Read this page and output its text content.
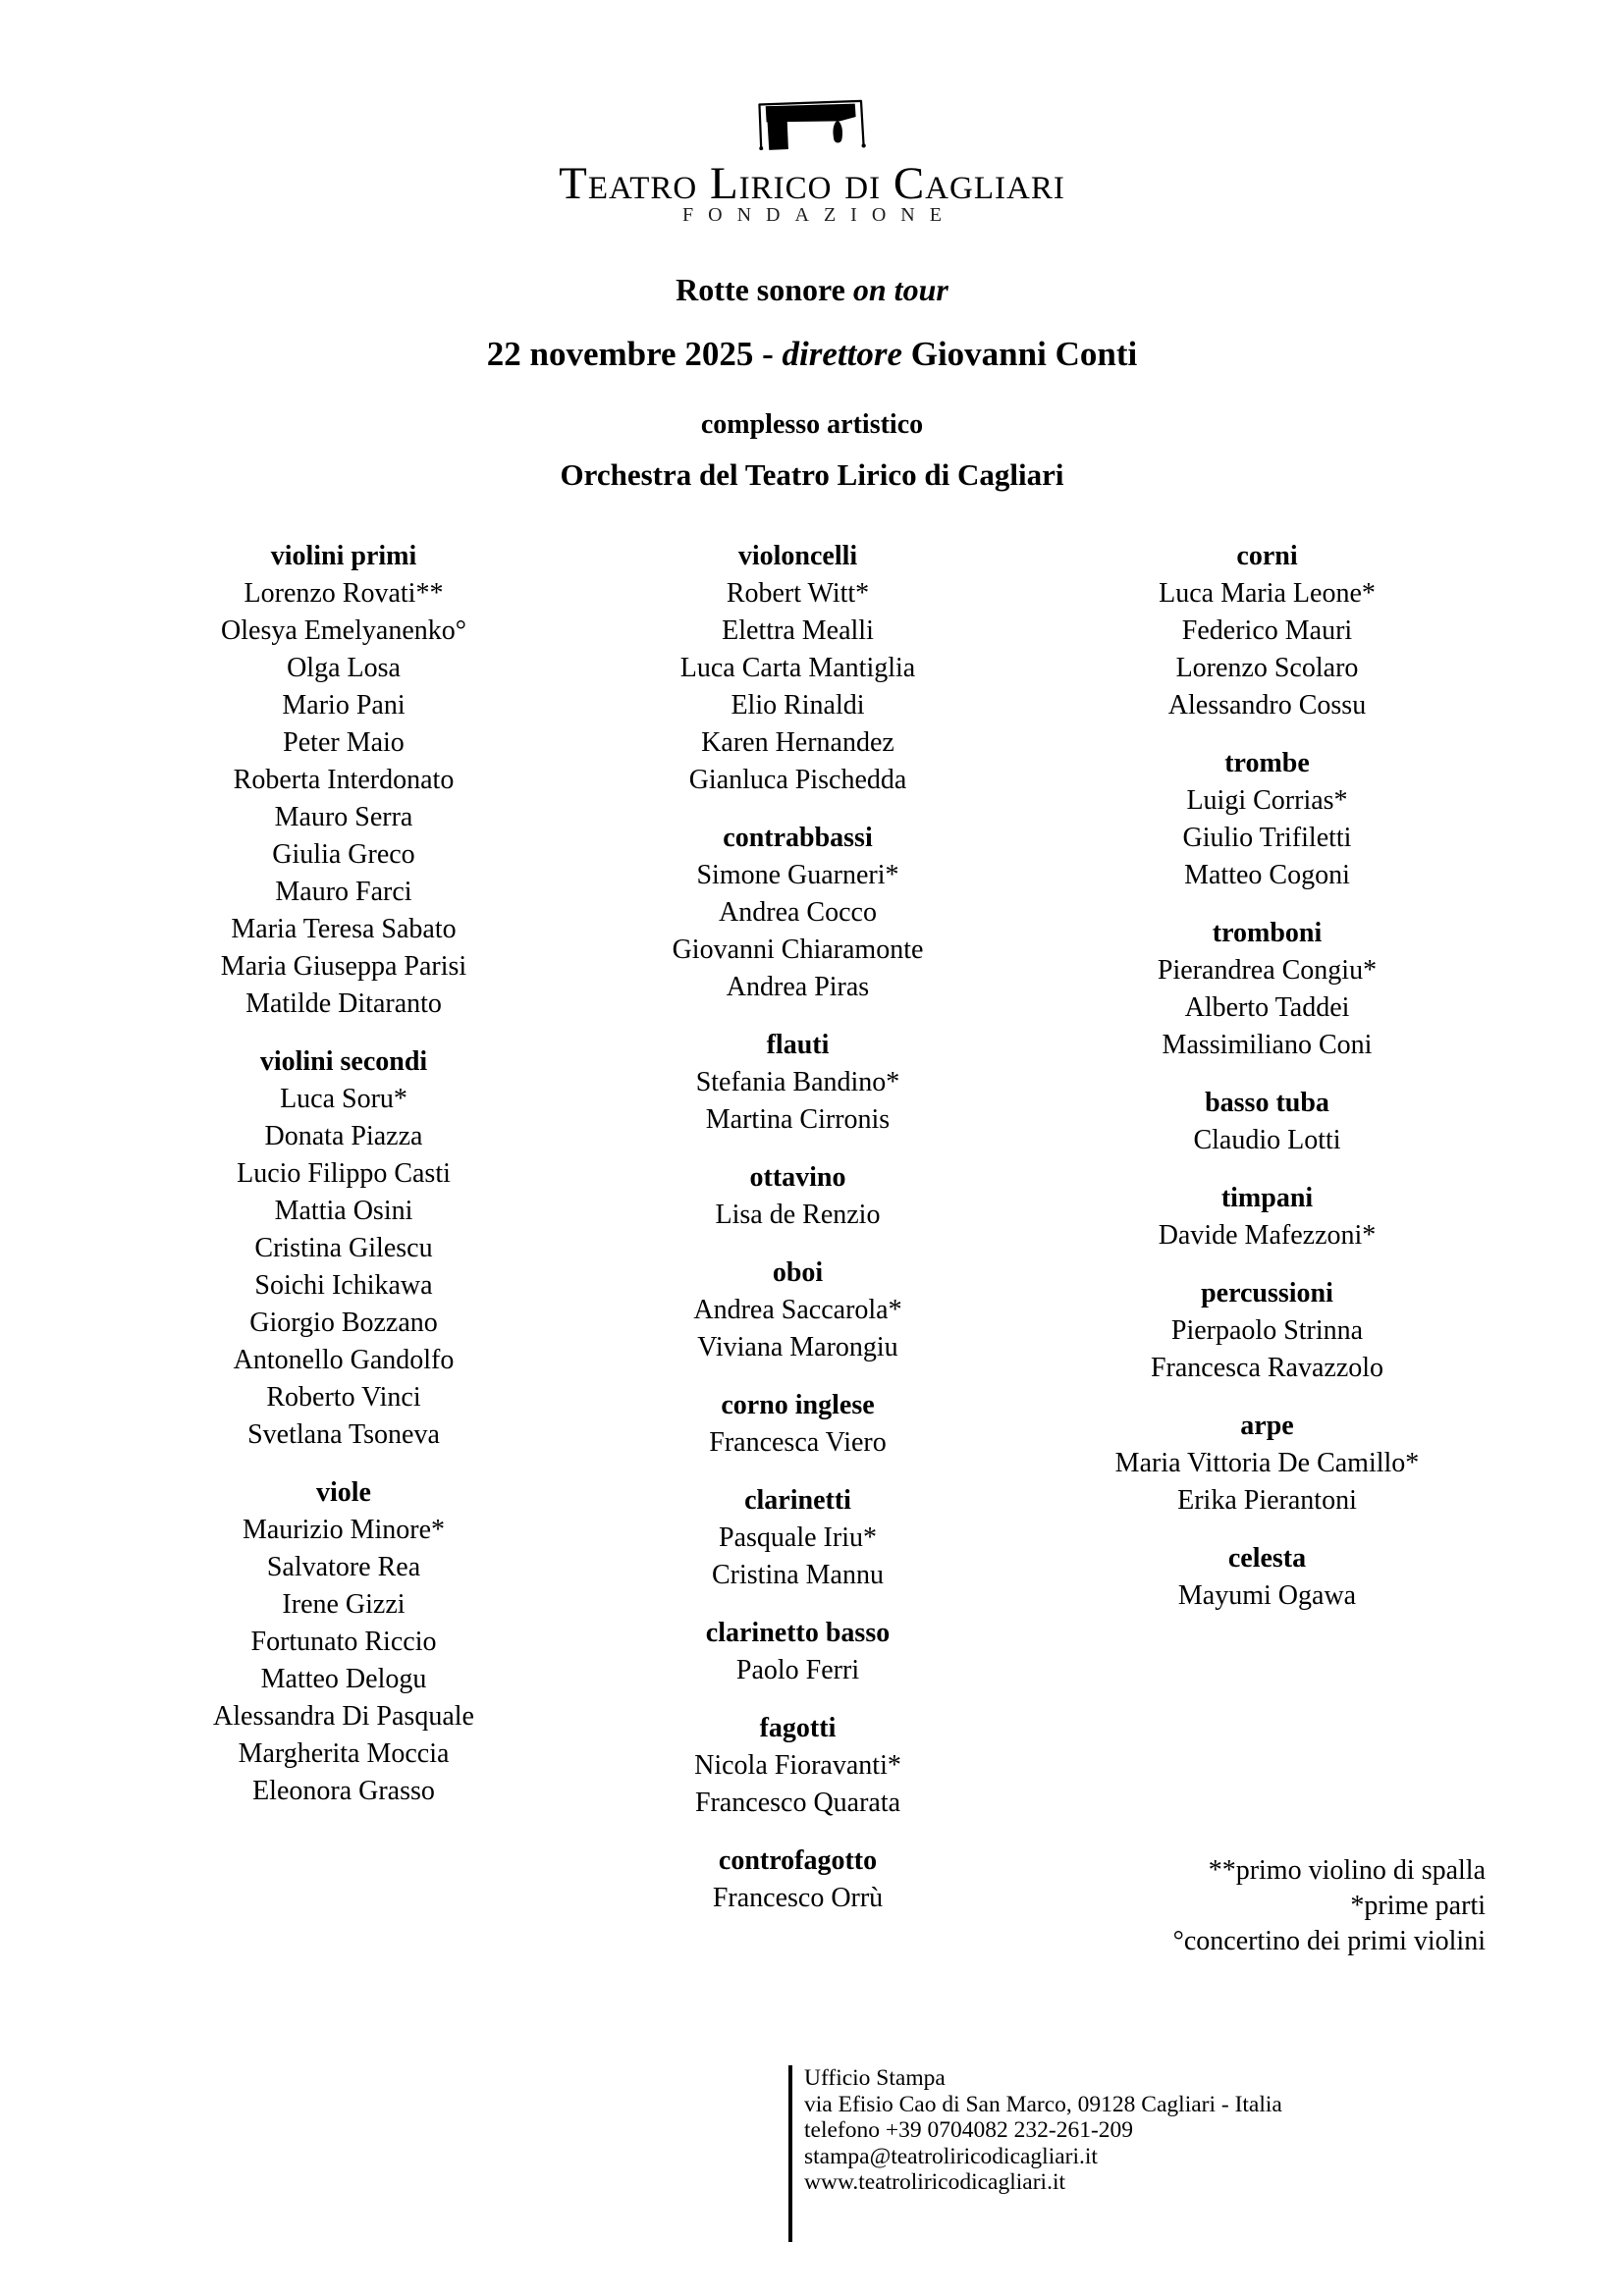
Teatro Lirico di Cagliari
FONDAZIONE
Rotte sonore on tour
22 novembre 2025 - direttore Giovanni Conti
complesso artistico
Orchestra del Teatro Lirico di Cagliari
violini primi
Lorenzo Rovati**
Olesya Emelyanenko°
Olga Losa
Mario Pani
Peter Maio
Roberta Interdonato
Mauro Serra
Giulia Greco
Mauro Farci
Maria Teresa Sabato
Maria Giuseppa Parisi
Matilde Ditaranto
violini secondi
Luca Soru*
Donata Piazza
Lucio Filippo Casti
Mattia Osini
Cristina Gilescu
Soichi Ichikawa
Giorgio Bozzano
Antonello Gandolfo
Roberto Vinci
Svetlana Tsoneva
viole
Maurizio Minore*
Salvatore Rea
Irene Gizzi
Fortunato Riccio
Matteo Delogu
Alessandra Di Pasquale
Margherita Moccia
Eleonora Grasso
violoncelli
Robert Witt*
Elettra Mealli
Luca Carta Mantiglia
Elio Rinaldi
Karen Hernandez
Gianluca Pischedda
contrabbassi
Simone Guarneri*
Andrea Cocco
Giovanni Chiaramonte
Andrea Piras
flauti
Stefania Bandino*
Martina Cirronis
ottavino
Lisa de Renzio
oboi
Andrea Saccarola*
Viviana Marongiu
corno inglese
Francesca Viero
clarinetti
Pasquale Iriu*
Cristina Mannu
clarinetto basso
Paolo Ferri
fagotti
Nicola Fioravanti*
Francesco Quarata
controfagotto
Francesco Orrù
corni
Luca Maria Leone*
Federico Mauri
Lorenzo Scolaro
Alessandro Cossu
trombe
Luigi Corrias*
Giulio Trifiletti
Matteo Cogoni
tromboni
Pierandrea Congiu*
Alberto Taddei
Massimiliano Coni
basso tuba
Claudio Lotti
timpani
Davide Mafezzoni*
percussioni
Pierpaolo Strinna
Francesca Ravazzolo
arpe
Maria Vittoria De Camillo*
Erika Pierantoni
celesta
Mayumi Ogawa
**primo violino di spalla
*prime parti
°concertino dei primi violini
Ufficio Stampa
via Efisio Cao di San Marco, 09128 Cagliari - Italia
telefono +39 0704082 232-261-209
stampa@teatroliricodicagliari.it
www.teatroliricodicagliari.it
